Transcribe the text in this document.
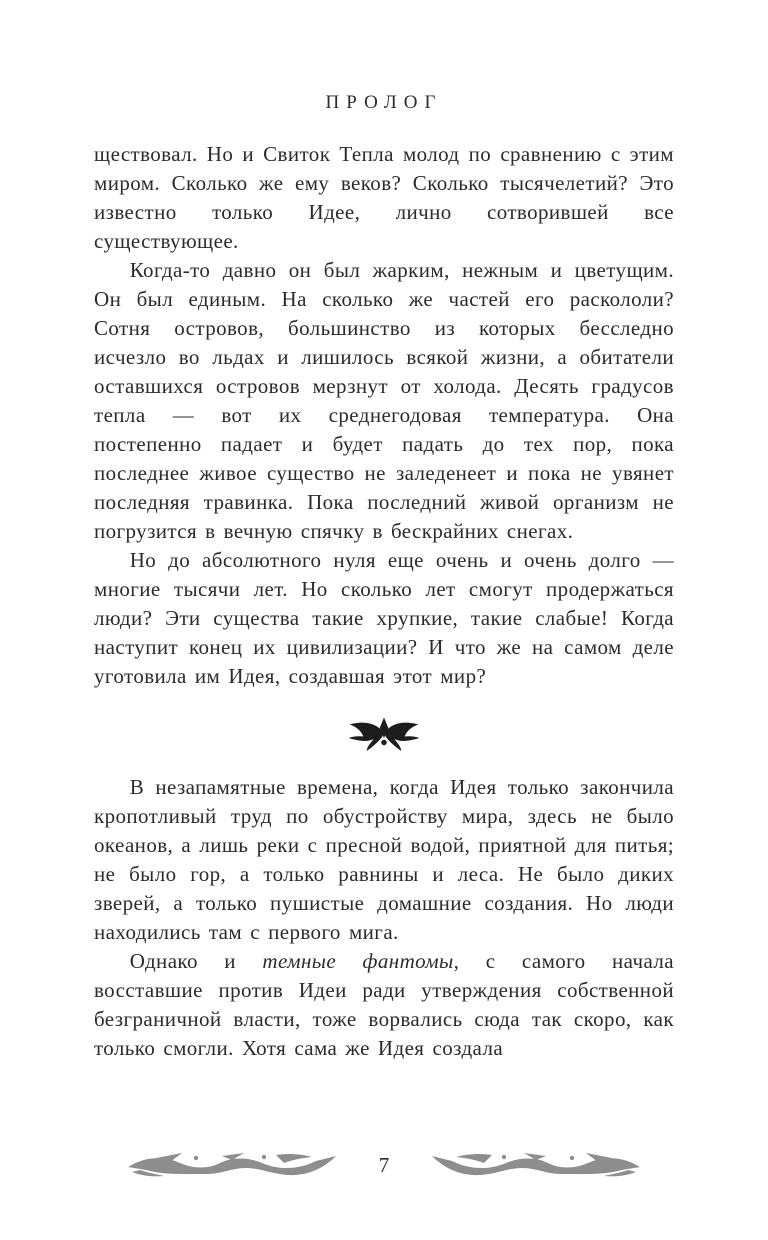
ПРОЛОГ

ществовал. Но и Свиток Тепла молод по сравнению с этим миром. Сколько же ему веков? Сколько тысячелетий? Это известно только Идее, лично сотворившей все существующее.

Когда-то давно он был жарким, нежным и цветущим. Он был единым. На сколько же частей его раскололи? Сотня островов, большинство из которых бесследно исчезло во льдах и лишилось всякой жизни, а обитатели оставшихся островов мерзнут от холода. Десять градусов тепла — вот их среднегодовая температура. Она постепенно падает и будет падать до тех пор, пока последнее живое существо не заледенеет и пока не увянет последняя травинка. Пока последний живой организм не погрузится в вечную спячку в бескрайних снегах.

Но до абсолютного нуля еще очень и очень долго — многие тысячи лет. Но сколько лет смогут продержаться люди? Эти существа такие хрупкие, такие слабые! Когда наступит конец их цивилизации? И что же на самом деле уготовила им Идея, создавшая этот мир?

В незапамятные времена, когда Идея только закончила кропотливый труд по обустройству мира, здесь не было океанов, а лишь реки с пресной водой, приятной для питья; не было гор, а только равнины и леса. Не было диких зверей, а только пушистые домашние создания. Но люди находились там с первого мига.

Однако и темные фантомы, с самого начала восставшие против Идеи ради утверждения собственной безграничной власти, тоже ворвались сюда так скоро, как только смогли. Хотя сама же Идея создала

7
